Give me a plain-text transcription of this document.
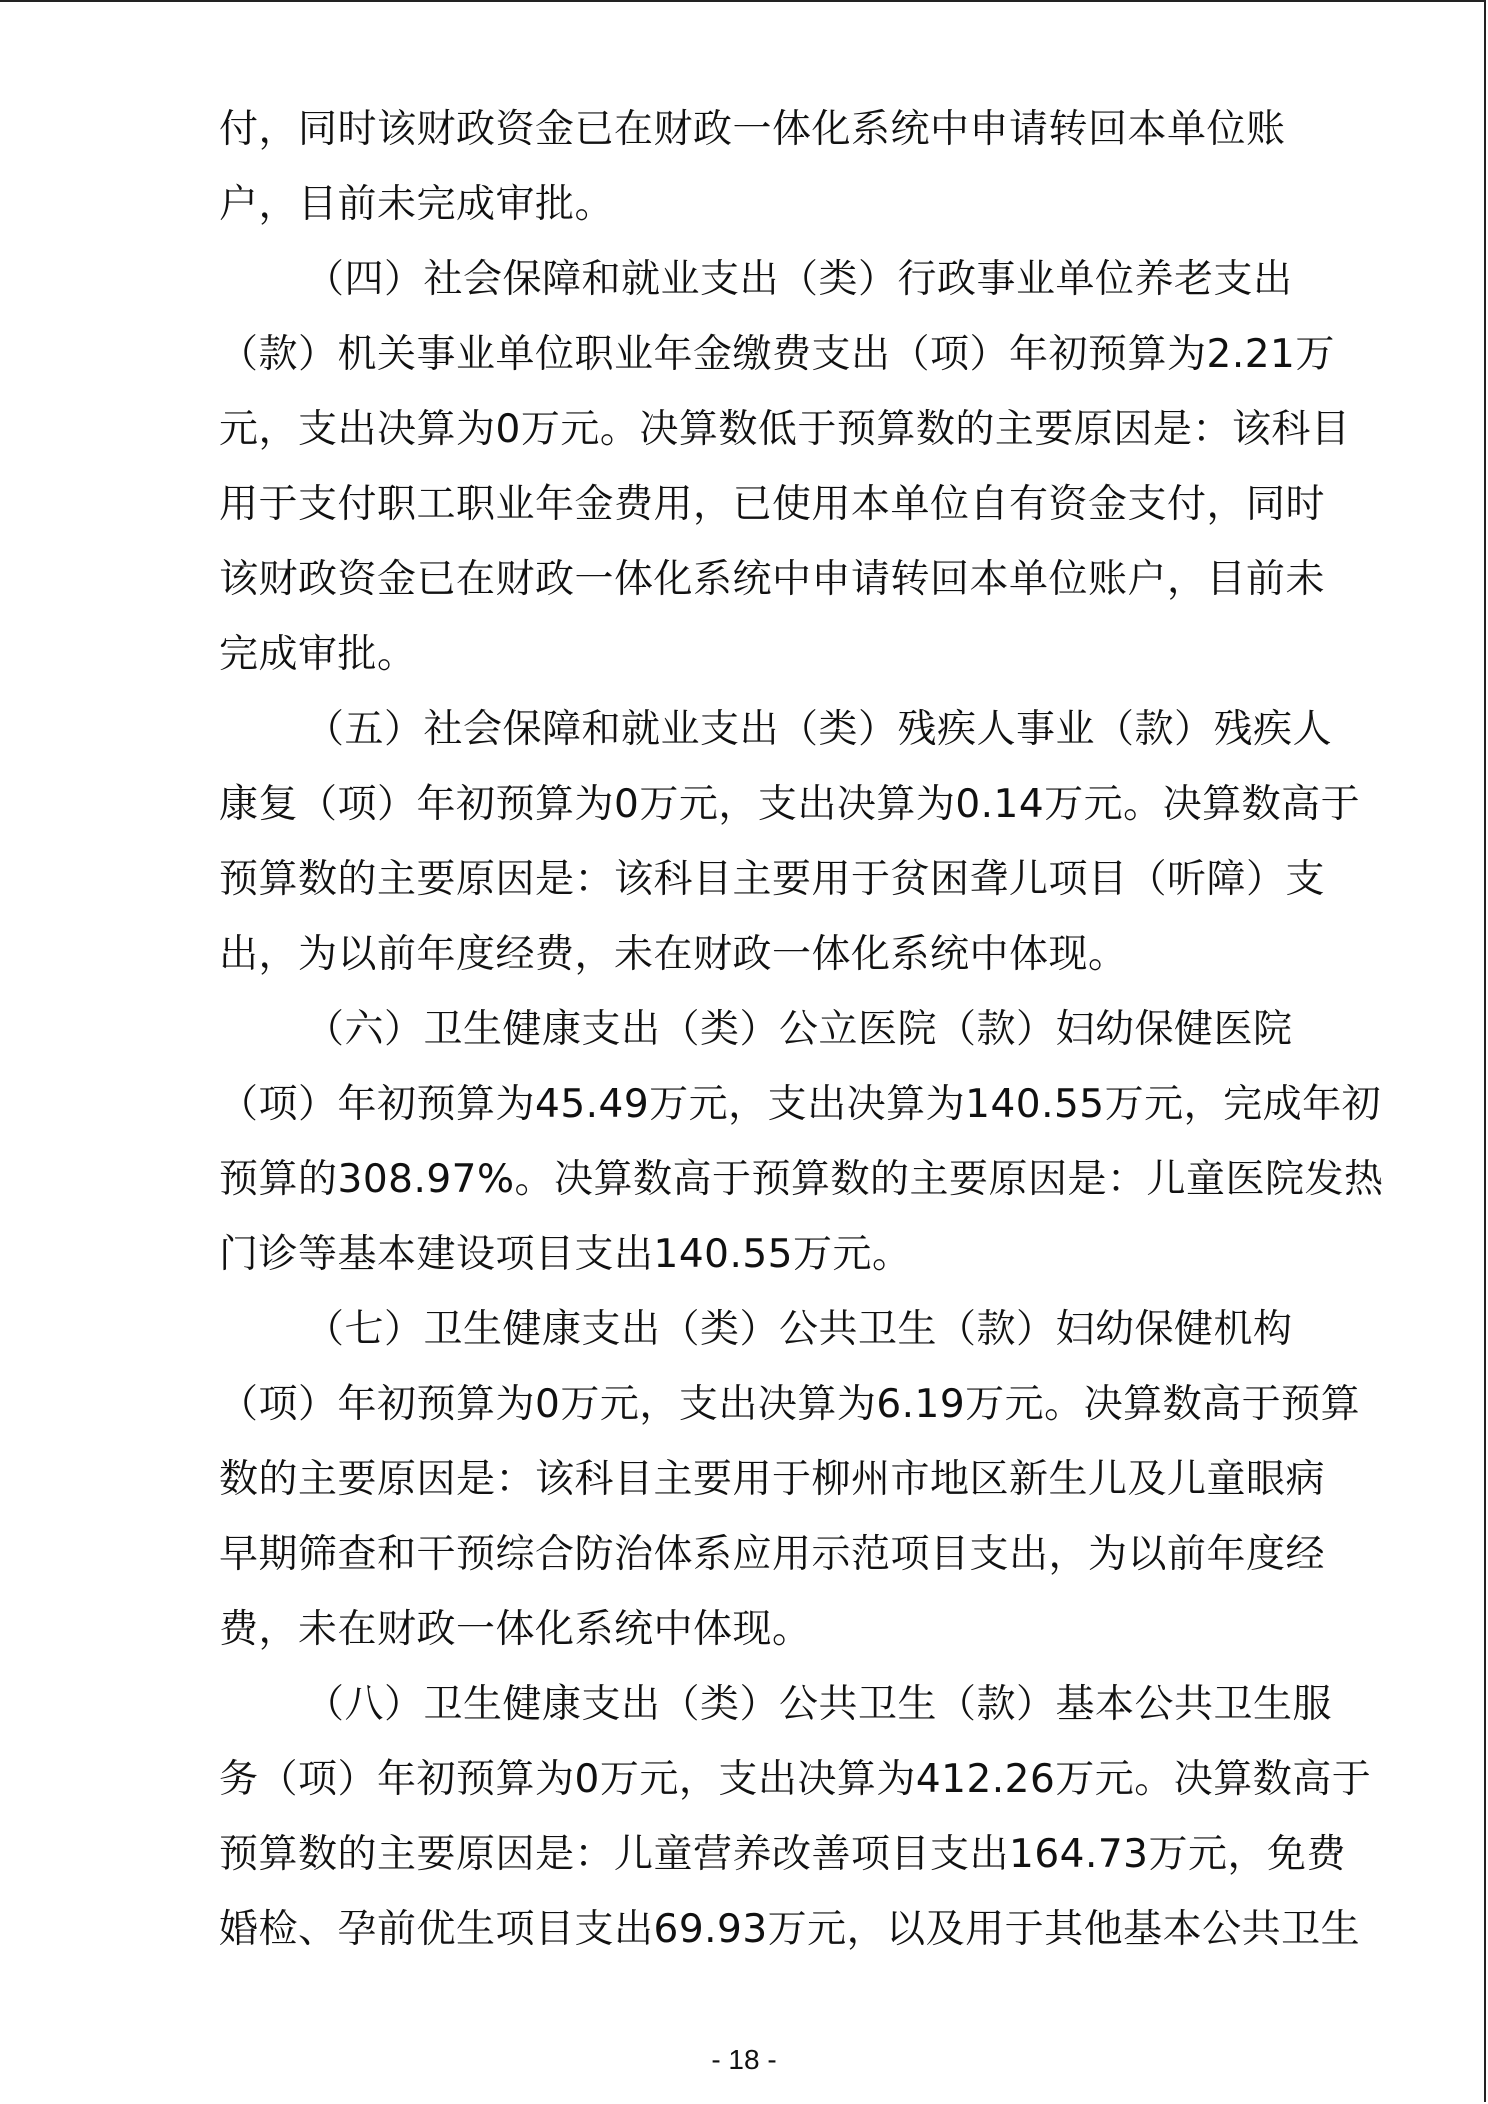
付，同时该财政资金已在财政一体化系统中申请转回本单位账
户，目前未完成审批。
（四）社会保障和就业支出（类）行政事业单位养老支出
（款）机关事业单位职业年金缴费支出（项）年初预算为2.21万
元，支出决算为0万元。决算数低于预算数的主要原因是：该科目
用于支付职工职业年金费用，已使用本单位自有资金支付，同时
该财政资金已在财政一体化系统中申请转回本单位账户，目前未
完成审批。
（五）社会保障和就业支出（类）残疾人事业（款）残疾人
康复（项）年初预算为0万元，支出决算为0.14万元。决算数高于
预算数的主要原因是：该科目主要用于贫困聋儿项目（听障）支
出，为以前年度经费，未在财政一体化系统中体现。
（六）卫生健康支出（类）公立医院（款）妇幼保健医院
（项）年初预算为45.49万元，支出决算为140.55万元，完成年初
预算的308.97%。决算数高于预算数的主要原因是：儿童医院发热
门诊等基本建设项目支出140.55万元。
（七）卫生健康支出（类）公共卫生（款）妇幼保健机构
（项）年初预算为0万元，支出决算为6.19万元。决算数高于预算
数的主要原因是：该科目主要用于柳州市地区新生儿及儿童眼病
早期筛查和干预综合防治体系应用示范项目支出，为以前年度经
费，未在财政一体化系统中体现。
（八）卫生健康支出（类）公共卫生（款）基本公共卫生服
务（项）年初预算为0万元，支出决算为412.26万元。决算数高于
预算数的主要原因是：儿童营养改善项目支出164.73万元，免费
婚检、孕前优生项目支出69.93万元，以及用于其他基本公共卫生
- 18 -
